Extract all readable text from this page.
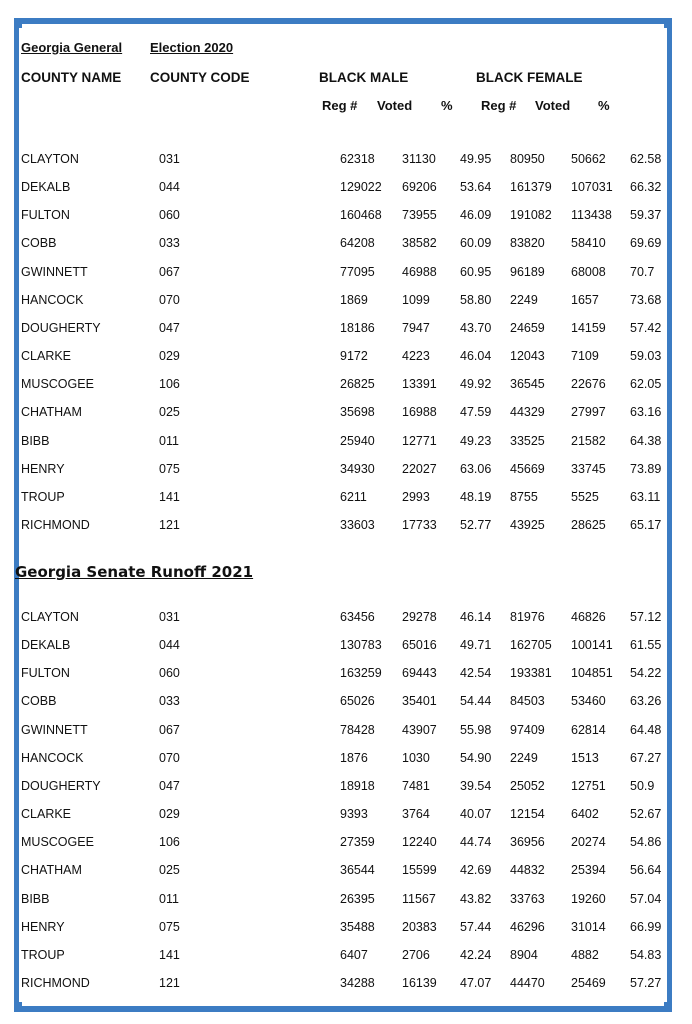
Georgia General Election 2020
COUNTY NAME COUNTY CODE	BLACK MALE	BLACK FEMALE
Reg # Voted % Reg # Voted %
CLAYTON	031	62318 31130 49.95 80950 50662 62.58
DEKALB	044	129022 69206 53.64 161379 107031 66.32
FULTON	060	160468 73955 46.09 191082 113438 59.37
COBB	033	64208 38582 60.09 83820 58410 69.69
GWINNETT	067	77095 46988 60.95 96189 68008 70.7
HANCOCK	070	1869	1099 58.80 2249	1657 73.68
DOUGHERTY	047	18186 7947 43.70 24659 14159 57.42
CLARKE	029	9172	4223 46.04 12043 7109 59.03
MUSCOGEE	106	26825 13391 49.92 36545 22676 62.05
CHATHAM	025	35698 16988 47.59 44329 27997 63.16
BIBB	011	25940 12771 49.23 33525 21582 64.38
HENRY	075	34930 22027 63.06 45669 33745 73.89
TROUP	141	6211	2993 48.19 8755	5525 63.11
RICHMOND	121	33603 17733 52.77 43925 28625 65.17
Georgia Senate Runoff 2021
CLAYTON	031	63456 29278 46.14 81976 46826 57.12
DEKALB	044	130783 65016 49.71 162705 100141 61.55
FULTON	060	163259 69443 42.54 193381 104851 54.22
COBB	033	65026 35401 54.44 84503 53460 63.26
GWINNETT	067	78428 43907 55.98 97409 62814 64.48
HANCOCK	070	1876	1030 54.90 2249	1513 67.27
DOUGHERTY	047	18918 7481 39.54 25052 12751 50.9
CLARKE	029	9393	3764 40.07 12154 6402 52.67
MUSCOGEE	106	27359 12240 44.74 36956 20274 54.86
CHATHAM	025	36544 15599 42.69 44832 25394 56.64
BIBB	011	26395 11567 43.82 33763 19260 57.04
HENRY	075	35488 20383 57.44 46296 31014 66.99
TROUP	141	6407	2706 42.24 8904	4882 54.83
RICHMOND	121	34288 16139 47.07 44470 25469 57.27
